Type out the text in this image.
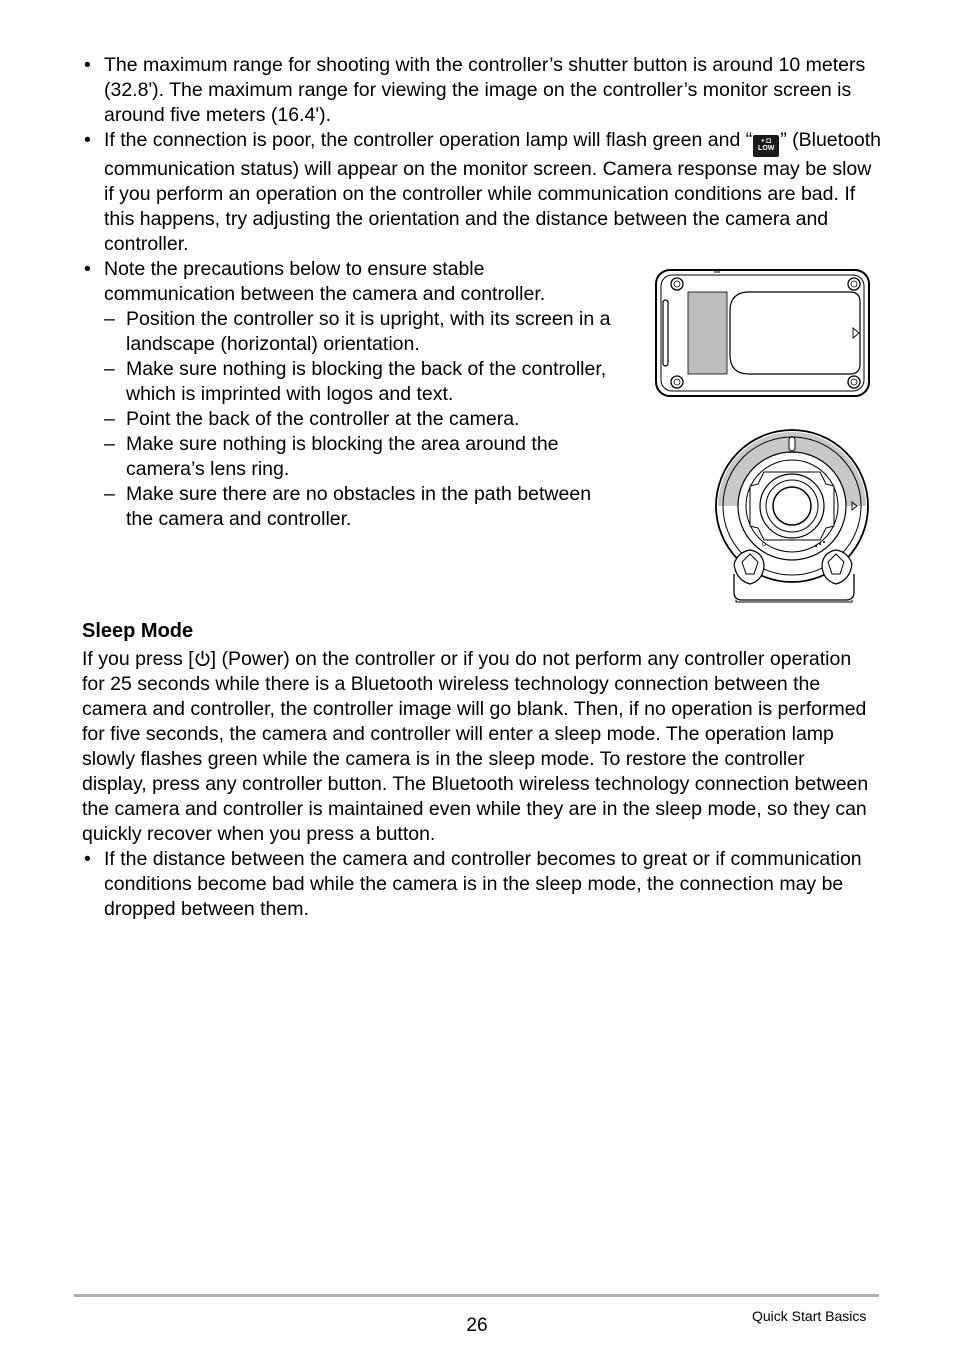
• The maximum range for shooting with the controller’s shutter button is around 10 meters (32.8'). The maximum range for viewing the image on the controller’s monitor screen is around five meters (16.4').
• If the connection is poor, the controller operation lamp will flash green and “	▪ ◘
LOW ” (Bluetooth communication status) will appear on the monitor screen. Camera response may be slow if you perform an operation on the controller while communication conditions are bad. If this happens, try adjusting the orientation and the distance between the camera and controller.
• Note the precautions below to ensure stable communication between the camera and controller.
– Position the controller so it is upright, with its screen in a landscape (horizontal) orientation.
– Make sure nothing is blocking the back of the controller, which is imprinted with logos and text.
– Point the back of the controller at the camera.
– Make sure nothing is blocking the area around the camera’s lens ring.
– Make sure there are no obstacles in the path between the camera and controller.
Sleep Mode

If you press [ ] (Power) on the controller or if you do not perform any controller operation for 25 seconds while there is a Bluetooth wireless technology connection between the camera and controller, the controller image will go blank. Then, if no operation is performed for five seconds, the camera and controller will enter a sleep mode. The operation lamp slowly flashes green while the camera is in the sleep mode. To restore the controller display, press any controller button. The Bluetooth wireless technology connection between the camera and controller is maintained even while they are in the sleep mode, so they can quickly recover when you press a button.

• If the distance between the camera and controller becomes to great or if communication conditions become bad while the camera is in the sleep mode, the connection may be dropped between them.
26	Quick Start Basics
